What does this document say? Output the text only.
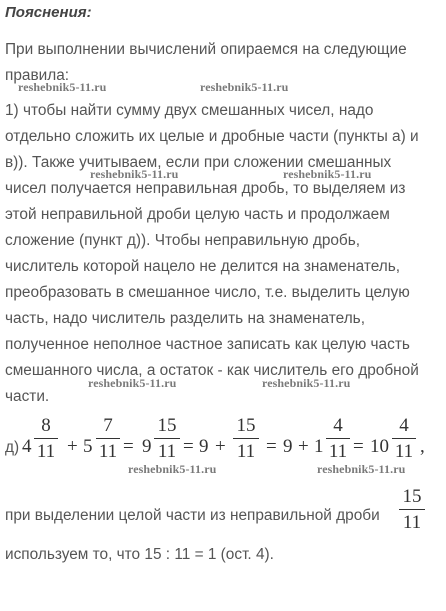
Пояснения:
При выполнении вычислений опираемся на следующие
правила:
1) чтобы найти сумму двух смешанных чисел, надо
отдельно сложить их целые и дробные части (пункты а) и
в)). Также учитываем, если при сложении смешанных
чисел получается неправильная дробь, то выделяем из
этой неправильной дроби целую часть и продолжаем
сложение (пункт д)). Чтобы неправильную дробь,
числитель которой нацело не делится на знаменатель,
преобразовать в смешанное число, т.е. выделить целую
часть, надо числитель разделить на знаменатель,
полученное неполное частное записать как целую часть
смешанного числа, а остаток - как числитель его дробной
части.
reshebnik5-11.ru	reshebnik5-11.ru
reshebnik5-11.ru	reshebnik5-11.ru
reshebnik5-11.ru	reshebnik5-11.ru
reshebnik5-11.ru	reshebnik5-11.ru
д) 4
8
11 + 5
7
11 = 9
15
11 = 9 +
15
11 = 9 + 1
4
11 = 10
4
11 ,
при выделении целой части из неправильной дроби
15
11
используем то, что 15 : 11 = 1 (ост. 4).
